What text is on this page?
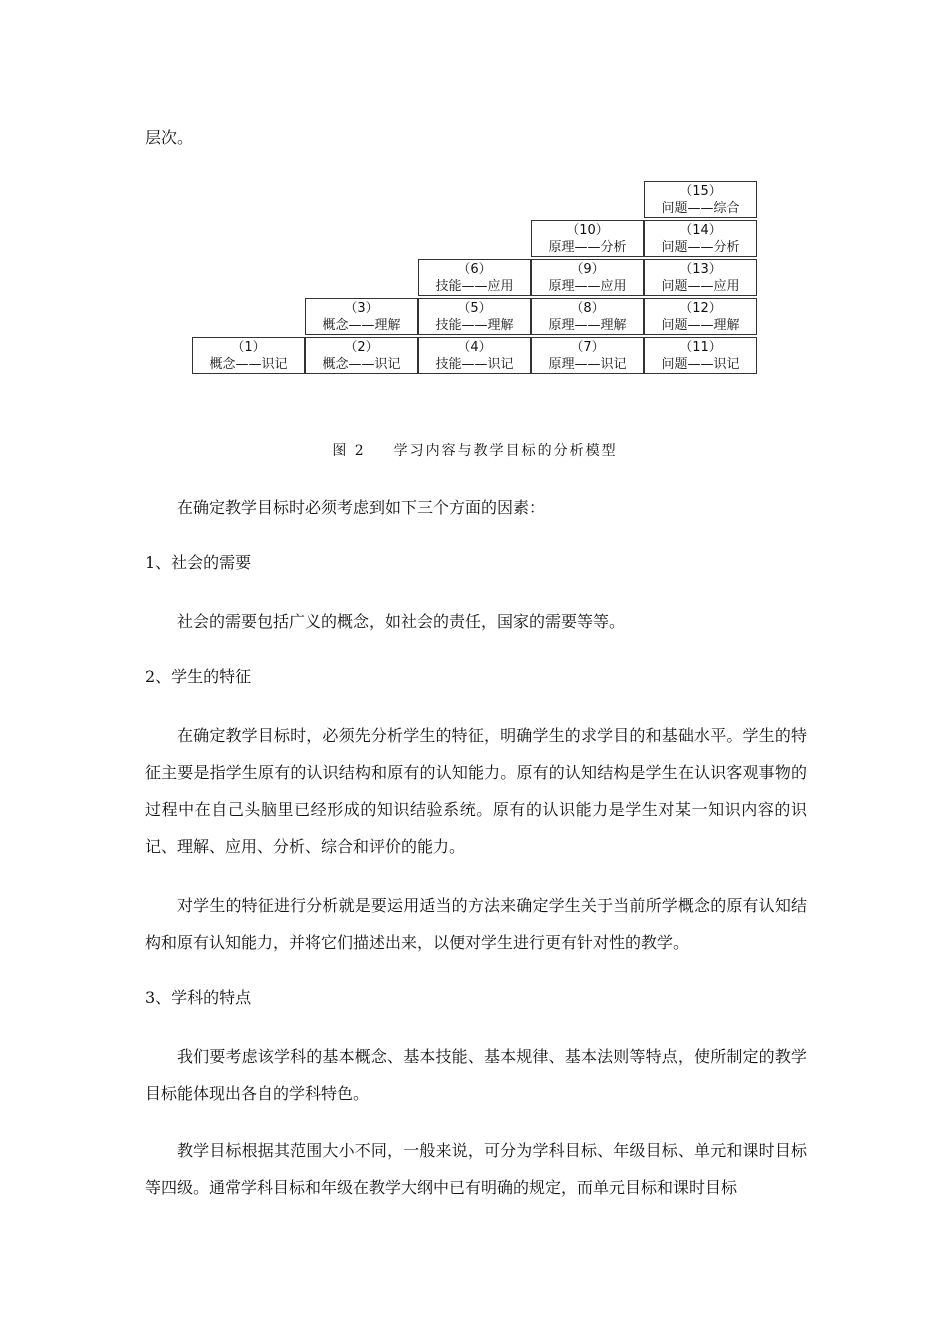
层次。
（1）
概念——识记
（2）
概念——识记
（3）
概念——理解
（4）
技能——识记
（5）
技能——理解
（6）
技能——应用
（7）
原理——识记
（8）
原理——理解
（9）
原理——应用
（10）
原理——分析
（11）
问题——识记
（12）
问题——理解
（13）
问题——应用
（14）
问题——分析
（15）
问题——综合
图 2 学习内容与教学目标的分析模型
在确定教学目标时必须考虑到如下三个方面的因素：
1、社会的需要
社会的需要包括广义的概念，如社会的责任，国家的需要等等。
2、学生的特征
在确定教学目标时，必须先分析学生的特征，明确学生的求学目的和基础水平。学生的特征主要是指学生原有的认识结构和原有的认知能力。原有的认知结构是学生在认识客观事物的过程中在自己头脑里已经形成的知识结验系统。原有的认识能力是学生对某一知识内容的识记、理解、应用、分析、综合和评价的能力。
对学生的特征进行分析就是要运用适当的方法来确定学生关于当前所学概念的原有认知结构和原有认知能力，并将它们描述出来，以便对学生进行更有针对性的教学。
3、学科的特点
我们要考虑该学科的基本概念、基本技能、基本规律、基本法则等特点，使所制定的教学目标能体现出各自的学科特色。
教学目标根据其范围大小不同，一般来说，可分为学科目标、年级目标、单元和课时目标等四级。通常学科目标和年级在教学大纲中已有明确的规定，而单元目标和课时目标
